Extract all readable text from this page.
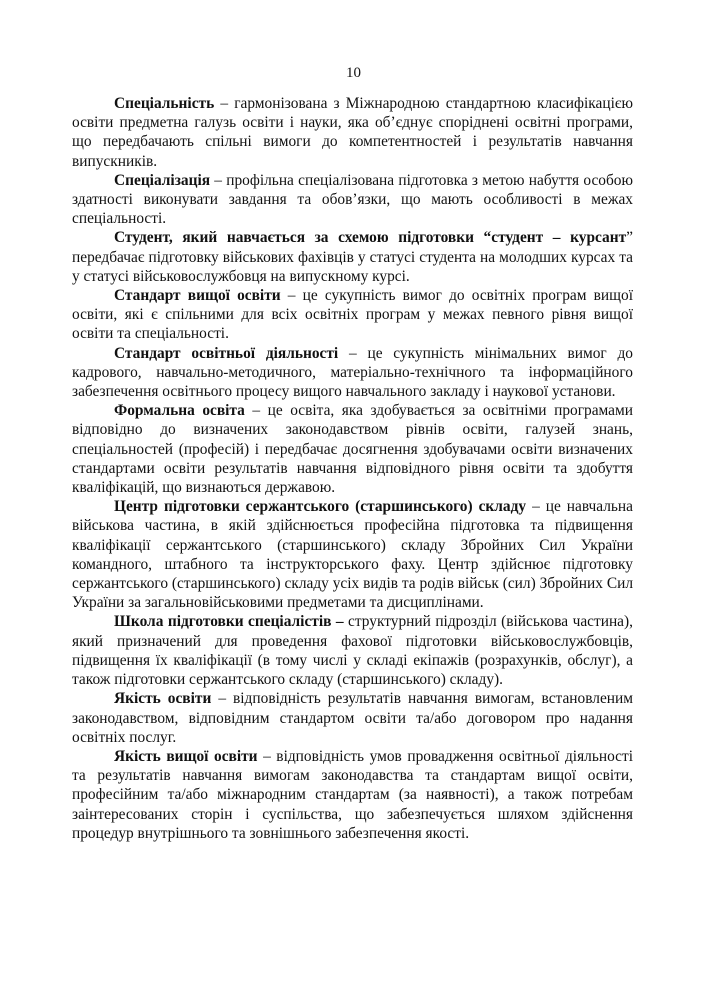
10

Спеціальність – гармонізована з Міжнародною стандартною класифікацією освіти предметна галузь освіти і науки, яка об’єднує споріднені освітні програми, що передбачають спільні вимоги до компетентностей і результатів навчання випускників.

Спеціалізація – профільна спеціалізована підготовка з метою набуття особою здатності виконувати завдання та обов’язки, що мають особливості в межах спеціальності.

Студент, який навчається за схемою підготовки “студент – курсант” передбачає підготовку військових фахівців у статусі студента на молодших курсах та у статусі військовослужбовця на випускному курсі.

Стандарт вищої освіти – це сукупність вимог до освітніх програм вищої освіти, які є спільними для всіх освітніх програм у межах певного рівня вищої освіти та спеціальності.

Стандарт освітньої діяльності – це сукупність мінімальних вимог до кадрового, навчально-методичного, матеріально-технічного та інформаційного забезпечення освітнього процесу вищого навчального закладу і наукової установи.

Формальна освіта – це освіта, яка здобувається за освітніми програмами відповідно до визначених законодавством рівнів освіти, галузей знань, спеціальностей (професій) і передбачає досягнення здобувачами освіти визначених стандартами освіти результатів навчання відповідного рівня освіти та здобуття кваліфікацій, що визнаються державою.

Центр підготовки сержантського (старшинського) складу – це навчальна військова частина, в якій здійснюється професійна підготовка та підвищення кваліфікації сержантського (старшинського) складу Збройних Сил України командного, штабного та інструкторського фаху. Центр здійснює підготовку сержантського (старшинського) складу усіх видів та родів військ (сил) Збройних Сил України за загальновійськовими предметами та дисциплінами.

Школа підготовки спеціалістів – структурний підрозділ (військова частина), який призначений для проведення фахової підготовки військовослужбовців, підвищення їх кваліфікації (в тому числі у складі екіпажів (розрахунків, обслуг), а також підготовки сержантського складу (старшинського) складу).

Якість освіти – відповідність результатів навчання вимогам, встановленим законодавством, відповідним стандартом освіти та/або договором про надання освітніх послуг.

Якість вищої освіти – відповідність умов провадження освітньої діяльності та результатів навчання вимогам законодавства та стандартам вищої освіти, професійним та/або міжнародним стандартам (за наявності), а також потребам заінтересованих сторін і суспільства, що забезпечується шляхом здійснення процедур внутрішнього та зовнішнього забезпечення якості.
